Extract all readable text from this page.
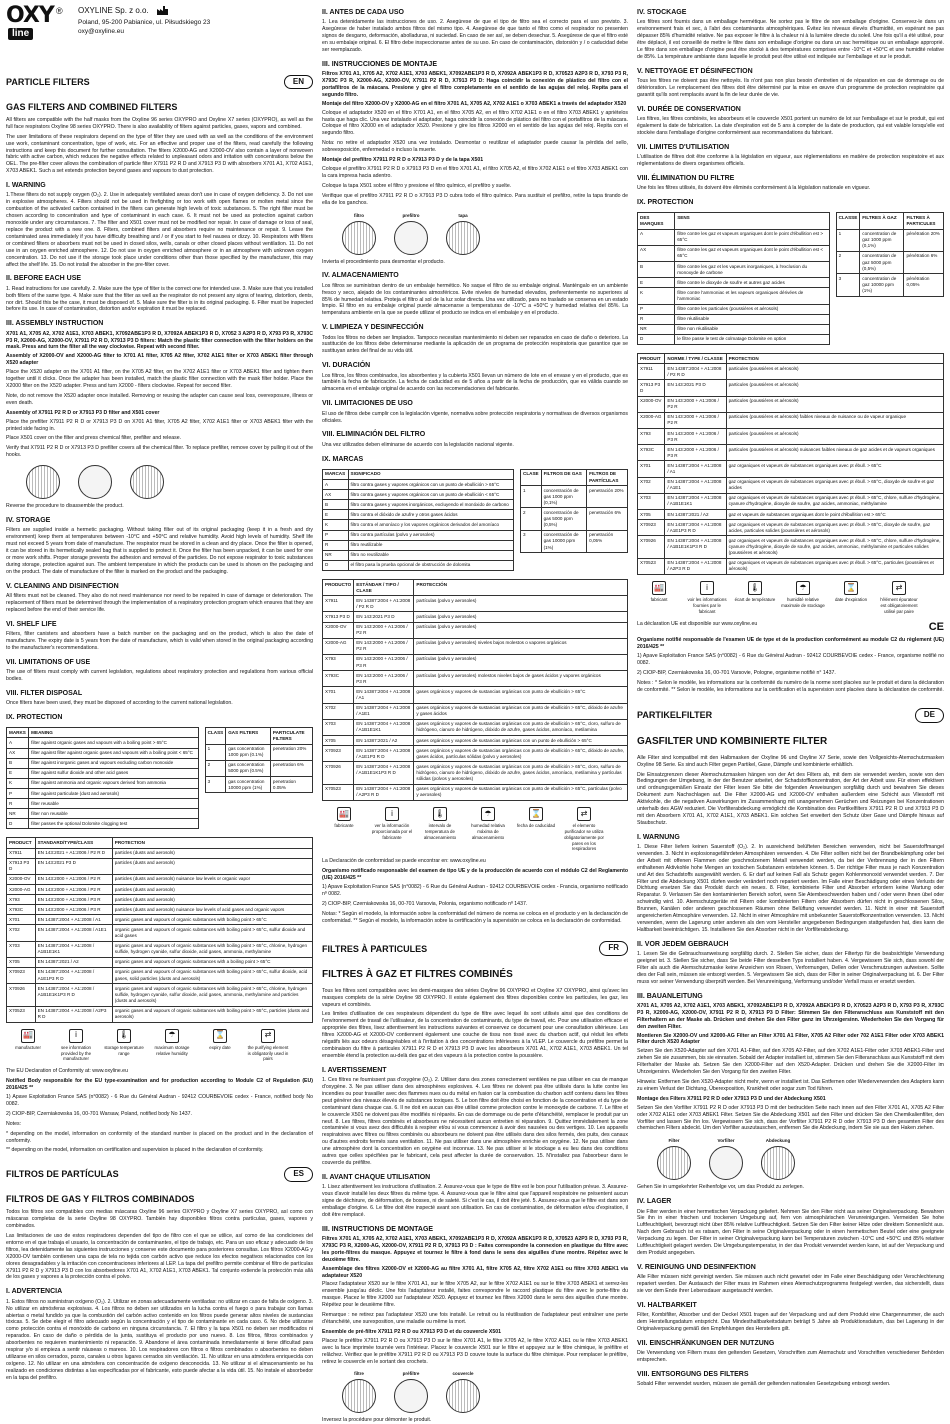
OXY
line
® OXYLINE Sp. z o.o.
Poland, 95-200 Pabianice, ul. Piłsudskiego 23
oxy@oxyline.eu
PARTICLE FILTERS	EN
GAS FILTERS AND COMBINED FILTERS
All filters are compatible with the half masks from the Oxyline 96 series OXYPRO and Oxyline X7 series (OXYPRO), as well as the full face respirators Oxyline 98 series OXYPRO. There is also availability of filters against particles, gases, vapors and combined.
The user limitations of these respirators depend on the type of filter they are used with as well as the conditions of the environment use work, contaminant concentration, type of work, etc. For an effective and proper use of the filters, read carefully the following instructions and keep this document for further consultation. The filters X2000-AG and X2000-OV also contain a layer of nonwoven fabric with active carbon, which reduces the negative effects related to unpleasant odors and irritation with concentrations below the OEL. The pre-filter cover allows the combination of particle filter X7911 P2 R D and X7913 P3 D with absorbers X701 A1, X702 A1E1, X703 ABEK1. Such a set extends protection beyond gases and vapours to dust protection.
I. WARNING
1.These filters do not supply oxygen (O₂). 2. Use in adequately ventilated areas don't use in case of oxygen deficiency. 3. Do not use in explosive atmospheres. 4. Filters should not be used in firefighting or too work with open flames or molten metal since the combustion of the activated carbon contained in the filters can generate high levels of toxic substances. 5. The right filter must be chosen according to concentration and type of contaminant in each case. 6. It must not be used as protection against carbon monoxide under any circumstances. 7. The filter and X501 cover must not be modified nor repair. In case of damage or loss of seal, replace the product with a new one. 8. Filters, combined filters and absorbers require no maintenance or repair. 9. Leave the contaminated area immediately if you have difficulty breathing and / or if you start to feel nausea or dizzy. 10. Respirators with filters or combined filters or absorbers must not be used in closed silos, wells, canals or other closed places without ventilation. 11. Do not use in an oxygen enriched atmosphere. 12. Do not use in oxygen enriched atmosphere or in an atmosphere with unknown oxygen concentration. 13. Do not use if the storage took place under conditions other than those specified by the manufacturer, this may affect the shelf life. 15. Do not install the absorber in the pre-filter cover.
II. BEFORE EACH USE
1. Read instructions for use carefully. 2. Make sure the type of filter is the correct one for intended use. 3. Make sure that you installed both filters of the same type. 4. Make sure that the filter as well as the respirator do not present any signs of tearing, distortion, dents, nor dirt. Should this be the case, it must be disposed of. 5. Make sure the filter is in its original packaging. 6. Filter must be inspected before its use. In case of contamination, distortion and/or expiration it must be replaced.
III. ASSEMBLY INSTRUCTION
X701 A1, X705 A2, X702 A1E1, X703 ABEK1, X7092ABE1P3 R D, X7092A ABEK1P3 R D, X7052 3 A2P3 R D, X793 P3 R, X793C P3 R, X2000-AG, X2000-OV, X7911 P2 R D, X7913 P3 D filters: Match the plastic filter connection with the filter holders on the mask. Press and turn the filter all the way clockwise. Repeat with second filter.
Assembly of X2000-OV and X2000-AG filter to X701 A1 filter, X705 A2 filter, X702 A1E1 filter or X703 ABEK1 filter through X520 adapter
Place the X520 adapter on the X701 A1 filter, on the X705 A2 filter, on the X702 A1E1 filter or X703 ABEK1 filter and tighten them together until it clicks. Once the adapter has been installed, match the plastic filter connection with the mask filter holder. Place the X2000 filter on the X520 adapter. Press and turn X2000 - filters clockwise. Repeat for second filter.
Note, do not remove the X520 adapter once installed. Removing or reusing the adapter can cause seal loss, overexposure, illness or even death.
Assembly of X7911 P2 R D or X7913 P3 D filter and X501 cover
Place the prefilter X7911 P2 R D or X7913 P3 D on X701 A1 filter, X705 A2 filter, X702 A1E1 filter or X703 ABEK1 filter with the printed side facing in.
Place X501 cover on the filter and press chemical filter, prefilter and release.
Verify that X7911 P2 R D or X7913 P3 D prefilter covers all the chemical filter. To replace prefilter, remove cover by pulling it out of the hooks.
Reverse the procedure to disassemble the product.
IV. STORAGE
Filters are supplied inside a hermetic packaging. Without taking filter out of its original packaging (keep it in a fresh and dry environment) keep them at temperatures between -10°C and +50°C and relative humidity. Avoid high levels of humidity. Shelf life must not exceed 5 years from date of manufacture. The respirator must be stored in a clean and dry place. Once the filter is opened, it can be stored in its hermetically sealed bag that is supplied to protect it. Once the filter has been unpacked, it can be used for one or more work shifts. Proper storage prevents the adhesion and removal of the particles. Do not expose respirator to toxic substances during storage, protection against sun. The ambient temperature in which the products can be used is shown on the packaging and on the product. The date of manufacture of the filter is marked on the product and the packaging.
V. CLEANING AND DISINFECTION
All filters must not be cleaned. They also do not need maintenance nor need to be repaired in case of damage or deterioration. The replacement of filters must be determined through the implementation of a respiratory protection program which ensures that they are replaced before the end of their service life.
VI. SHELF LIFE
Filters, filter canisters and absorbers have a batch number on the packaging and on the product, which is also the date of manufacture. The expiry date is 5 years from the date of manufacture, which is valid when stored in the original packaging according to the manufacturer's recommendations.
VII. LIMITATIONS OF USE
The use of filters must comply with current legislation, regulations about respiratory protection and regulations from various official bodies.
VIII. FILTER DISPOSAL
Once filters have been used, they must be disposed of according to the current national legislation.
IX. PROTECTION
MARKS	MEANING
A	filter against organic gases and vapours with a boiling point > 65°C
AX	filter against filter against organic gases and vapours with a boiling point < 65°C
B	filter against inorganic gases and vapours excluding carbon monoxide
E	filter against sulfur dioxide and other acid gases
K	filter against ammonia and organic vapours derived from ammonia
P	filter against particulate (dust and aerosols)
R	filter reusable
NR	filter non reusable
D	filter passes the optional Dolomite clogging test
CLASS	GAS FILTERS	PARTICULATE FILTERS
1	gas concentration 1000 ppm (0.1%)	penetration 20%
2	gas concentration 5000 ppm (0.5%)	penetration 6%
3	gas concentration 10000 ppm (1%)	penetration 0.05%
PRODUCT	STANDARD/TYPE/CLASS	PROTECTION
X7911	EN 143:2021 + A1:2006 / P2 R D	particles (dusts and aerosols)
X7913 P3 D	EN 143:2021 P3 D	particles (dusts and aerosols)
X2000-OV	EN 143:2000 + A1:2006 / P2 R	particles (dusts and aerosols) nuisance low levels or organic vapor
X2000-AG	EN 143:2000 + A1:2006 / P2 R	particles (dusts and aerosols)
X793	EN 143:2000 + A1:2006 / P3 R	particles (dusts and aerosols)
X793C	EN 143:2000 + A1:2006 / P3 R	particles (dusts and aerosols) nuisance low levels of acid gases and organic vapors
X701	EN 14387:2004 + A1:2008 / A1	organic gases and vapours of organic substances with boiling point > 65°C
X702	EN 14387:2004 + A1:2008 / A1E1	organic gases and vapours of organic substances with boiling point > 65°C, sulfur dioxide and acid gases
X703	EN 14387:2004 + A1:2008 / A1B1E1K1	organic gases and vapours of organic substances with boiling point > 65°C, chlorine, hydrogen sulfide, hydrogen cyanide, sulfur dioxide, acid gases, ammonia, methylamine
X705	EN 14387:2021 / A2	organic gases and vapours of organic substances with a boiling point > 65°C
X70923	EN 14387:2004 + A1:2008 / A1E1P3 R D	organic gases and vapours of organic substances with boiling point > 65°C, sulfur dioxide, acid gases, solid particles (dusts and aerosols)
X70926	EN 14387:2004 + A1:2008 / A1B1E1K1P3 R D	organic gases and vapours of organic substances with boiling point > 65°C, chlorine, hydrogen sulfide, hydrogen cyanide, sulfur dioxide, acid gases, ammonia, methylamine and particles (dusts and aerosols)
X70523	EN 14387:2004 + A1:2008 / A2P3 R D	organic gases and vapours of organic substances with boiling point > 65°C, particles (dusts and aerosols)
🏭
manufacturer
i
see information provided by the manufacturer
🌡
storage temperature range
☂
maximum storage relative humidity
⌛
expiry date
⇄
the purifying element is obligatorily used in pairs
The EU Declaration of Conformity at: www.oxyline.eu
Notified Body responsible for the EU type-examination and for production according to Module C2 of Regulation (EU) 2016/425 **
1) Apave Exploitation France SAS (n°0082) - 6 Rue du Général Audran - 92412 COURBEVOIE cedex - France, notified body No 0082.
2) CIOP-BIP, Czerniakowska 16, 00-701 Warsaw, Poland, notified body No 1437.
Notes:
* depending on the model, information on conformity of the standard number is placed on the product and in the declaration of conformity.
** depending on the model, information on certification and supervision is placed in the declaration of conformity.
FILTROS DE PARTÍCULAS	ES
FILTROS DE GAS Y FILTROS COMBINADOS
Todos los filtros son compatibles con medias máscaras Oxyline 96 series OXYPRO y Oxyline X7 series OXYPRO, así como con máscaras completas de la serie Oxyline 98 OXYPRO. También hay disponibles filtros contra partículas, gases, vapores y combinados.
Las limitaciones de uso de estos respiradores dependen del tipo de filtro con el que se utilice, así como de las condiciones del entorno en el que trabaja el usuario, la concentración de contaminantes, el tipo de trabajo, etc. Para un uso eficaz y adecuado de los filtros, lea detenidamente las siguientes instrucciones y conserve este documento para posteriores consultas. Los filtros X2000-AG y X2000-OV también contienen una capa de tela no tejida con carbón activo que reduce los efectos negativos relacionados con los olores desagradables y la irritación con concentraciones inferiores al LEP. La tapa del prefiltro permite combinar el filtro de partículas X7911 P2 R D y X7913 P3 D con los absorbedores X701 A1, X702 A1E1, X703 ABEK1. Tal conjunto extiende la protección más allá de los gases y vapores a la protección contra el polvo.
I. ADVERTENCIA
1. Estos filtros no suministran oxígeno (O₂). 2. Utilizar en zonas adecuadamente ventiladas: no utilizar en caso de falta de oxígeno. 3. No utilizar en atmósferas explosivas. 4. Los filtros no deben ser utilizados en la lucha contra el fuego o para trabajar con llamas abiertas o metal fundido ya que la combustión del carbón activo contenido en los filtros puede generar altos niveles de sustancias tóxicas. 5. Se debe elegir el filtro adecuado según la concentración y el tipo de contaminante en cada caso. 6. No debe utilizarse como protección contra el monóxido de carbono en ninguna circunstancia. 7. El filtro y la tapa X501 no deben ser modificados ni reparados. En caso de daño o pérdida de la junta, sustituya el producto por uno nuevo. 8. Los filtros, filtros combinados y absorbentes no requieren mantenimiento ni reparación. 9. Abandone el área contaminada inmediatamente si tiene dificultad para respirar y/o si empieza a sentir náuseas o mareos. 10. Los respiradores con filtros o filtros combinados o absorbentes no deben utilizarse en silos cerrados, pozos, canales u otros lugares cerrados sin ventilación. 11. No utilizar en una atmósfera enriquecida con oxígeno. 12. No utilizar en una atmósfera con concentración de oxígeno desconocida. 13. No utilizar si el almacenamiento se ha realizado en condiciones distintas a las especificadas por el fabricante, esto puede afectar a la vida útil. 15. No instale el absorbedor en la tapa del prefiltro.
II. ANTES DE CADA USO
1. Lea detenidamente las instrucciones de uso. 2. Asegúrese de que el tipo de filtro sea el correcto para el uso previsto. 3. Asegúrese de haber instalado ambos filtros del mismo tipo. 4. Asegúrese de que tanto el filtro como el respirador no presenten signos de desgarro, deformación, abolladuras, ni suciedad. En caso de ser así, se deben desechar. 5. Asegúrese de que el filtro esté en su embalaje original. 6. El filtro debe inspeccionarse antes de su uso. En caso de contaminación, distorsión y / o caducidad debe ser reemplazado.
III. INSTRUCCIONES DE MONTAJE
Filtros X701 A1, X705 A2, X702 A1E1, X703 ABEK1, X7092ABE1P3 R D, X7092A ABEK1P3 R D, X70523 A2P3 R D, X793 P3 R, X793C P3 R, X2000-AG, X2000-OV, X7911 P2 R D, X7913 P3 D: Haga coincidir la conexión de plástico del filtro con el portafiltros de la máscara. Presione y gire el filtro completamente en el sentido de las agujas del reloj. Repita para el segundo filtro.
Montaje del filtro X2000-OV y X2000-AG en el filtro X701 A1, X705 A2, X702 A1E1 o X703 ABEK1 a través del adaptador X520
Coloque el adaptador X520 en el filtro X701 A1, en el filtro X705 A2, en el filtro X702 A1E1 o en el filtro X703 ABEK1 y apriételos hasta que haga clic. Una vez instalado el adaptador, haga coincidir la conexión de plástico del filtro con el portafiltros de la máscara. Coloque el filtro X2000 en el adaptador X520. Presione y gire los filtros X2000 en el sentido de las agujas del reloj. Repita con el segundo filtro.
Nota: no retire el adaptador X520 una vez instalado. Desmontar o reutilizar el adaptador puede causar la pérdida del sello, sobreexposición, enfermedad o incluso la muerte.
Montaje del prefiltro X7911 P2 R D o X7913 P3 D y de la tapa X501
Coloque el prefiltro X7911 P2 R D o X7913 P3 D en el filtro X701 A1, el filtro X705 A2, el filtro X702 A1E1 o el filtro X703 ABEK1 con la cara impresa hacia adentro.
Coloque la tapa X501 sobre el filtro y presione el filtro químico, el prefiltro y suelte.
Verifique que el prefiltro X7911 P2 R D o X7913 P3 D cubra todo el filtro químico. Para sustituir el prefiltro, retire la tapa tirando de ella de los ganchos.
filtro	prefiltro	tapa
Invierta el procedimiento para desmontar el producto.
IV. ALMACENAMIENTO
Los filtros se suministran dentro de un embalaje hermético. No saque el filtro de su embalaje original. Manténgalo en un ambiente fresco y seco, alejado de los contaminantes atmosféricos. Evite niveles de humedad elevados, preferentemente no superiores al 85% de humedad relativa. Proteja el filtro al sol de la luz solar directa. Una vez utilizado, para no traslado se conserva en un estado limpio. El filtro en su embalaje original puede almacenarse a temperaturas de -10°C a +50°C y humedad relativa del 85%. La temperatura ambiente en la que se puede utilizar el producto se indica en el embalaje y en el producto.
V. LIMPIEZA Y DESINFECCIÓN
Todos los filtros no deben ser limpiados. Tampoco necesitan mantenimiento ni deben ser reparados en caso de daño o deterioro. La sustitución de los filtros debe determinarse mediante la aplicación de un programa de protección respiratoria que garantice que se sustituyan antes del final de su vida útil.
VI. DURACIÓN
Los filtros, los filtros combinados, los absorbentes y la cubierta X501 llevan un número de lote en el envase y en el producto, que es también la fecha de fabricación. La fecha de caducidad es de 5 años a partir de la fecha de producción, que es válida cuando se almacena en el embalaje original de acuerdo con las recomendaciones del fabricante.
VII. LIMITACIONES DE USO
El uso de filtros debe cumplir con la legislación vigente, normativa sobre protección respiratoria y normativas de diversos organismos oficiales.
VIII. ELIMINACIÓN DEL FILTRO
Una vez utilizados deben eliminarse de acuerdo con la legislación nacional vigente.
IX. MARCAS
MARCAS	SIGNIFICADO
A	filtro contra gases y vapores orgánicos con un punto de ebullición > 65°C
AX	filtro contra gases y vapores orgánicos con un punto de ebullición < 65°C
B	filtro contra gases y vapores inorgánicos, excluyendo el monóxido de carbono
E	filtro contra el dióxido de azufre y otros gases ácidos
K	filtro contra el amoníaco y los vapores orgánicos derivados del amoníaco
P	filtro contra partículas (polvo y aerosoles)
R	filtro reutilizable
NR	filtro no reutilizable
D	el filtro pasa la prueba opcional de obstrucción de dolomita
CLASE	FILTROS DE GAS	FILTROS DE PARTÍCULAS
1	concentración de gas 1000 ppm (0,1%)	penetración 20%
2	concentración de gas 5000 ppm (0,5%)	penetración 6%
3	concentración de gas 10000 ppm (1%)	penetración 0,05%
PRODUCTO	ESTÁNDAR / TIPO / CLASE	PROTECCIÓN
X7911	EN 14387:2004 + A1:2008 / P2 R D	partículas (polvo y aerosoles)
X7913 P3 D	EN 143:2021 P3 D	partículas (polvo y aerosoles)
X2000-OV	EN 143:2000 + A1:2006 / P2 R	partículas (polvo y aerosoles)
X2000-AG	EN 143:2000 + A1:2006 / P2 R	partículas (polvo y aerosoles) niveles bajos molestos o vapores orgánicos
X793	EN 143:2000 + A1:2006 / P3 R	partículas (polvo y aerosoles)
X793C	EN 143:2000 + A1:2006 / P3 R	partículas (polvo y aerosoles) molestos niveles bajos de gases ácidos y vapores orgánicos
X701	EN 14387:2004 + A1:2008 / A1	gases orgánicos y vapores de sustancias orgánicas con punto de ebullición > 65°C
X702	EN 14387:2004 + A1:2008 / A1E1	gases orgánicos y vapores de sustancias orgánicas con punto de ebullición > 65°C, dióxido de azufre y gases ácidos
X703	EN 14387:2004 + A1:2008 / A1B1E1K1	gases orgánicos y vapores de sustancias orgánicas con punto de ebullición > 65°C, cloro, sulfuro de hidrógeno, cianuro de hidrógeno, dióxido de azufre, gases ácidos, amoníaco, metilamina
X705	EN 14387:2021 / A2	gases orgánicos y vapores de sustancias orgánicas con un punto de ebullición > 65°C
X70923	EN 14387:2004 + A1:2008 / A1E1P3 R D	gases orgánicos y vapores de sustancias orgánicas con punto de ebullición > 65°C, dióxido de azufre, gases ácidos, partículas sólidas (polvo y aerosoles)
X70926	EN 14387:2004 + A1:2008 / A1B1E1K1P3 R D	gases orgánicos y vapores de sustancias orgánicas con punto de ebullición > 65°C, cloro, sulfuro de hidrógeno, cianuro de hidrógeno, dióxido de azufre, gases ácidos, amoníaco, metilamina y partículas sólidas (polvos y aerosoles)
X70523	EN 14387:2004 + A1:2008 / A2P3 R D	gases orgánicos y vapores de sustancias orgánicas con punto de ebullición > 65°C, partículas (polvo y aerosoles)
🏭
fabricante
i
ver la información proporcionada por el fabricante
🌡
intervalo de temperatura de almacenamiento
☂
humedad relativa máxima de almacenamiento
⌛
fecha de caducidad
⇄
el elemento purificador se utiliza obligatoriamente por pares en los respiradores
La Declaración de conformidad se puede encontrar en: www.oxyline.eu
Organismo notificado responsable del examen de tipo UE y de la producción de acuerdo con el módulo C2 del Reglamento (UE) 2016/425 **
1) Apave Exploitation France SAS (n°0082) - 6 Rue du Général Audran - 92412 COURBEVOIE cedex - Francia, organismo notificado nº 0082.
2) CIOP-BIP, Czerniakowska 16, 00-701 Varsovia, Polonia, organismo notificado nº 1437.
Notas: * Según el modelo, la información sobre la conformidad del número de norma se coloca en el producto y en la declaración de conformidad. ** Según el modelo, la información sobre la certificación y la supervisión se coloca en la declaración de conformidad.
FILTRES À PARTICULES	FR
FILTRES À GAZ ET FILTRES COMBINÉS
Tous les filtres sont compatibles avec les demi-masques des séries Oxyline 96 OXYPRO et Oxyline X7 OXYPRO, ainsi qu'avec les masques complets de la série Oxyline 98 OXYPRO. Il existe également des filtres disponibles contre les particules, les gaz, les vapeurs et combinés.
Les limites d'utilisation de ces respirateurs dépendent du type de filtre avec lequel ils sont utilisés ainsi que des conditions de l'environnement de travail de l'utilisateur, de la concentration de contaminants, du type de travail, etc. Pour une utilisation efficace et appropriée des filtres, lisez attentivement les instructions suivantes et conservez ce document pour une consultation ultérieure. Les filtres X2000-AG et X2000-OV contiennent également une couche de tissu non tissé avec du charbon actif, qui réduit les effets négatifs liés aux odeurs désagréables et à l'irritation à des concentrations inférieures à la VLEP. Le couvercle du préfiltre permet la combinaison du filtre à particules X7911 P2 R D et X7913 P3 D avec les absorbeurs X701 A1, X702 A1E1, X703 ABEK1. Un tel ensemble étend la protection au-delà des gaz et des vapeurs à la protection contre la poussière.
I. AVERTISSEMENT
1. Ces filtres ne fournissent pas d'oxygène (O₂). 2. Utiliser dans des zones correctement ventilées ne pas utiliser en cas de manque d'oxygène. 3. Ne pas utiliser dans des atmosphères explosives. 4. Les filtres ne doivent pas être utilisés dans la lutte contre les incendies ou pour travailler avec des flammes nues ou du métal en fusion car la combustion du charbon actif contenu dans les filtres peut générer des niveaux élevés de substances toxiques. 5. Le bon filtre doit être choisi en fonction de la concentration et du type de contaminant dans chaque cas. 6. Il ne doit en aucun cas être utilisé comme protection contre le monoxyde de carbone. 7. Le filtre et le couvercle X501 ne doivent pas être modifiés ni réparés. En cas de dommage ou de perte d'étanchéité, remplacer le produit par un neuf. 8. Les filtres, filtres combinés et absorbeurs ne nécessitent aucun entretien ni réparation. 9. Quittez immédiatement la zone contaminée si vous avez des difficultés à respirer et/ou si vous commencez à avoir des nausées ou des vertiges. 10. Les appareils respiratoires avec filtres ou filtres combinés ou absorbeurs ne doivent pas être utilisés dans des silos fermés, des puits, des canaux ou d'autres endroits fermés sans ventilation. 11. Ne pas utiliser dans une atmosphère enrichie en oxygène. 12. Ne pas utiliser dans une atmosphère dont la concentration en oxygène est inconnue. 13. Ne pas utiliser si le stockage a eu lieu dans des conditions autres que celles spécifiées par le fabricant, cela peut affecter la durée de conservation. 15. N'installez pas l'absorbeur dans le couvercle du préfiltre.
II. AVANT CHAQUE UTILISATION
1. Lisez attentivement les instructions d'utilisation. 2. Assurez-vous que le type de filtre est le bon pour l'utilisation prévue. 3. Assurez-vous d'avoir installé les deux filtres du même type. 4. Assurez-vous que le filtre ainsi que l'appareil respiratoire ne présentent aucun signe de déchirure, de déformation, de bosses, ni de saleté. Si c'est le cas, il doit être jeté. 5. Assurez-vous que le filtre est dans son emballage d'origine. 6. Le filtre doit être inspecté avant son utilisation. En cas de contamination, de déformation et/ou d'expiration, il doit être remplacé.
III. INSTRUCTIONS DE MONTAGE
Filtres X701 A1, X705 A2, X702 A1E1, X703 ABEK1, X7092ABE1P3 R D, X7092A ABEK1P3 R D, X70523 A2P3 R D, X793 P3 R, X793C P3 R, X2000-AG, X2000-OV, X7911 P2 R D, X7913 P3 D : Faites correspondre la connexion en plastique du filtre avec les porte-filtres du masque. Appuyez et tournez le filtre à fond dans le sens des aiguilles d'une montre. Répétez avec le deuxième filtre.
Assemblage des filtres X2000-OV et X2000-AG au filtre X701 A1, filtre X705 A2, filtre X702 A1E1 ou filtre X703 ABEK1 via adaptateur X520
Placez l'adaptateur X520 sur le filtre X701 A1, sur le filtre X705 A2, sur le filtre X702 A1E1 ou sur le filtre X703 ABEK1 et serrez-les ensemble jusqu'au déclic. Une fois l'adaptateur installé, faites correspondre le raccord plastique du filtre avec le porte-filtre du masque. Placez le filtre X2000 sur l'adaptateur X520. Appuyez et tournez les filtres X2000 dans le sens des aiguilles d'une montre. Répétez pour le deuxième filtre.
Remarque : ne retirez pas l'adaptateur X520 une fois installé. Le retrait ou la réutilisation de l'adaptateur peut entraîner une perte d'étanchéité, une surexposition, une maladie ou même la mort.
Ensemble de pré-filtre X7911 P2 R D ou X7913 P3 D et du couvercle X501
Placez le préfiltre X7911 P2 R D ou X7913 P3 D sur le filtre X701 A1, le filtre X705 A2, le filtre X702 A1E1 ou le filtre X703 ABEK1 avec la face imprimée tournée vers l'intérieur. Placez le couvercle X501 sur le filtre et appuyez sur le filtre chimique, le préfiltre et relâchez. Vérifiez que le préfiltre X7911 P2 R D ou X7913 P3 D couvre toute la surface du filtre chimique. Pour remplacer le préfiltre, retirez le couvercle en le sortant des crochets.
filtre	préfiltre	couvercle
Inversez la procédure pour démonter le produit.
IV. STOCKAGE
Les filtres sont fournis dans un emballage hermétique. Ne sortez pas le filtre de son emballage d'origine. Conservez-le dans un environnement frais et sec, à l'abri des contaminants atmosphériques. Évitez les niveaux élevés d'humidité, en espérant ne pas dépasser 85% d'humidité relative. Ne pas exposer le filtre à la chaleur ni à la lumière directe du soleil. Une fois qu'il a été utilisé, pour être déplacé, il est conseillé de mettre le filtre dans son emballage d'origine ou dans un sac hermétique ou un emballage approprié. Le filtre dans son emballage d'origine peut être stocké à des températures comprises entre -10°C et +50°C et une humidité relative de 85%. La température ambiante dans laquelle le produit peut être utilisé est indiquée sur l'emballage et sur le produit.
V. NETTOYAGE ET DÉSINFECTION
Tous les filtres ne doivent pas être nettoyés. Ils n'ont pas non plus besoin d'entretien ni de réparation en cas de dommage ou de détérioration. Le remplacement des filtres doit être déterminé par la mise en œuvre d'un programme de protection respiratoire qui garantit qu'ils sont remplacés avant la fin de leur durée de vie.
VI. DURÉE DE CONSERVATION
Les filtres, les filtres combinés, les absorbeurs et le couvercle X501 portent un numéro de lot sur l'emballage et sur le produit, qui est également la date de fabrication. La date d'expiration est de 5 ans à compter de la date de production, qui est valable lorsqu'elle est stockée dans l'emballage d'origine conformément aux recommandations du fabricant.
VII. LIMITES D'UTILISATION
L'utilisation de filtres doit être conforme à la législation en vigueur, aux réglementations en matière de protection respiratoire et aux réglementations de divers organismes officiels.
VIII. ÉLIMINATION DU FILTRE
Une fois les filtres utilisés, ils doivent être éliminés conformément à la législation nationale en vigueur.
IX. PROTECTION
DES MARQUES	SENS
A	filtre contre les gaz et vapeurs organiques dont le point d'ébullition est > 65°C
AX	filtre contre les gaz et vapeurs organiques dont le point d'ébullition est < 65°C
B	filtre contre les gaz et les vapeurs inorganiques, à l'exclusion du monoxyde de carbone
E	filtre contre le dioxyde de soufre et autres gaz acides
K	filtre contre l'ammoniac et les vapeurs organiques dérivées de l'ammoniac
P	filtre contre les particules (poussières et aérosols)
R	filtre réutilisable
NR	filtre non réutilisable
D	le filtre passe le test de colmatage Dolomite en option
CLASSE	FILTRES À GAZ	FILTRES À PARTICULES
1	concentration de gaz 1000 ppm (0,1%)	pénétration 20%
2	concentration de gaz 5000 ppm (0,5%)	pénétration 6%
3	concentration de gaz 10000 ppm (1%)	pénétration 0,05%
PRODUIT	NORME / TYPE / CLASSE	PROTECTION
X7911	EN 14387:2004 + A1:2008 / P2 R D	particules (poussières et aérosols)
X7913 P3 D	EN 143:2021 P3 D	particules (poussières et aérosols)
X2000-OV	EN 143:2000 + A1:2006 / P2 R	particules (poussières et aérosols)
X2000-AG	EN 143:2000 + A1:2006 / P2 R	particules (poussières et aérosols) faibles niveaux de nuisance ou de vapeur organique
X793	EN 143:2000 + A1:2006 / P3 R	particules (poussières et aérosols)
X793C	EN 143:2000 + A1:2006 / P3 R	particules (poussières et aérosols) nuisances faibles niveaux de gaz acides et de vapeurs organiques
X701	EN 14387:2004 + A1:2008 / A1	gaz organiques et vapeurs de substances organiques avec pt ébull. > 65°C
X702	EN 14387:2004 + A1:2008 / A1E1	gaz organiques et vapeurs de substances organiques avec pt ébull. > 65°C, dioxyde de soufre et gaz acides
X703	EN 14387:2004 + A1:2008 / A1B1E1K1	gaz organiques et vapeurs de substances organiques avec pt ébull. > 65°C, chlore, sulfure d'hydrogène, cyanure d'hydrogène, dioxyde de soufre, gaz acides, ammoniac, méthylamine
X705	EN 14387:2021 / A2	gaz et vapeurs de substances organiques dont le point d'ébullition est > 65°C
X70923	EN 14387:2004 + A1:2008 / A1E1P3 R D	gaz organiques et vapeurs de substances organiques avec pt ébull. > 65°C, dioxyde de soufre, gaz acides, particules solides (poussières et aérosols)
X70926	EN 14387:2004 + A1:2008 / A1B1E1K1P3 R D	gaz organiques et vapeurs de substances organiques avec pt ébull. > 65°C, chlore, sulfure d'hydrogène, cyanure d'hydrogène, dioxyde de soufre, gaz acides, ammoniac, méthylamine et particules solides (poussières et aérosols)
X70523	EN 14387:2004 + A1:2008 / A2P3 R D	gaz organiques et vapeurs de substances organiques avec pt ébull. > 65°C, particules (poussières et aérosols)
🏭
fabricant
i
voir les informations fournies par le fabricant
🌡
écart de température
☂
humidité relative maximale de stockage
⌛
date d'expiration
⇄
l'élément épurateur est obligatoirement utilisé par paire
La déclaration UE est disponible sur www.oxyline.eu	CE
Organisme notifié responsable de l'examen UE de type et de la production conformément au module C2 du règlement (UE) 2016/425 **
1) Apave Exploitation France SAS (n°0082) - 6 Rue du Général Audran - 92412 COURBEVOIE cedex - France, organisme notifié no 0082.
2) CIOP-BIP, Czerniakowska 16, 00-701 Varsovie, Pologne, organisme notifié n° 1437.
Notes : * Selon le modèle, les informations sur la conformité du numéro de la norme sont placées sur le produit et dans la déclaration de conformité. ** Selon le modèle, les informations sur la certification et la supervision sont placées dans la déclaration de conformité.
PARTIKELFILTER	DE
GASFILTER UND KOMBINIERTE FILTER
Alle Filter sind kompatibel mit den Halbmasken der Oxyline 96 und Oxyline X7 Serie, sowie den Vollgesichts-Atemschutzmasken Oxyline 98 Serie. Es sind auch Filter gegen Partikel, Gase, Dämpfe und kombinierte erhältlich.
Die Einsatzgrenzen dieser Atemschutzmasken hängen von der Art des Filters ab, mit dem sie verwendet werden, sowie von den Bedingungen der Umgebung, in der der Benutzer arbeitet, der Schadstoffkonzentration, der Art der Arbeit usw. Für einen effektiven und ordnungsgemäßen Einsatz der Filter lesen Sie bitte die folgenden Anweisungen sorgfältig durch und bewahren Sie dieses Dokument zum Nachschlagen auf. Die Filter X2000-AG und X2000-OV enthalten außerdem eine Schicht aus Vliesstoff mit Aktivkohle, die die negativen Auswirkungen im Zusammenhang mit unangenehmen Gerüchen und Reizungen bei Konzentrationen unterhalb des AGW reduziert. Die Vorfilterabdeckung ermöglicht die Kombination des Partikelfilters X7911 P2 R D und X7913 P3 D mit den Absorbern X701 A1, X702 A1E1, X703 ABEK1. Ein solches Set erweitert den Schutz über Gase und Dämpfe hinaus auf Staubschutz.
I. WARNUNG
1. Diese Filter liefern keinen Sauerstoff (O₂). 2. In ausreichend belüfteten Bereichen verwenden, nicht bei Sauerstoffmangel verwenden. 3. Nicht in explosionsgefährdeten Atmosphären verwenden. 4. Die Filter sollten nicht bei der Brandbekämpfung oder bei der Arbeit mit offenen Flammen oder geschmolzenem Metall verwendet werden, da bei der Verbrennung der in den Filtern enthaltenen Aktivkohle hohe Mengen an toxischen Substanzen entstehen können. 5. Der richtige Filter muss je nach Konzentration und Art des Schadstoffs ausgewählt werden. 6. Er darf auf keinen Fall als Schutz gegen Kohlenmonoxid verwendet werden. 7. Der Filter und die Abdeckung X501 dürfen weder verändert noch repariert werden. Im Falle einer Beschädigung oder eines Verlusts der Dichtung ersetzen Sie das Produkt durch ein neues. 8. Filter, kombinierte Filter und Absorber erfordern keine Wartung oder Reparatur. 9. Verlassen Sie den kontaminierten Bereich sofort, wenn Sie Atembeschwerden haben und / oder wenn Ihnen übel oder schwindlig wird. 10. Atemschutzgeräte mit Filtern oder kombinierten Filtern oder Absorbern dürfen nicht in geschlossenen Silos, Brunnen, Kanälen oder anderen geschlossenen Räumen ohne Belüftung verwendet werden. 11. Nicht in einer mit Sauerstoff angereicherten Atmosphäre verwenden. 12. Nicht in einer Atmosphäre mit unbekannter Sauerstoffkonzentration verwenden. 13. Nicht verwenden, wenn die Lagerung unter anderen als den vom Hersteller angegebenen Bedingungen stattgefunden hat, dies kann die Haltbarkeit beeinträchtigen. 15. Installieren Sie den Absorber nicht in der Vorfilterabdeckung.
II. VOR JEDEM GEBRAUCH
1. Lesen Sie die Gebrauchsanweisung sorgfältig durch. 2. Stellen Sie sicher, dass der Filtertyp für die beabsichtigte Verwendung geeignet ist. 3. Stellen Sie sicher, dass Sie beide Filter desselben Typs installiert haben. 4. Vergewissern Sie sich, dass sowohl der Filter als auch die Atemschutzmaske keine Anzeichen von Rissen, Verformungen, Dellen oder Verschmutzungen aufweisen. Sollte dies der Fall sein, müssen sie entsorgt werden. 5. Vergewissern Sie sich, dass der Filter in seiner Originalverpackung ist. 6. Der Filter muss vor seiner Verwendung überprüft werden. Bei Verunreinigung, Verformung und/oder Verfall muss er ersetzt werden.
III. BAUANLEITUNG
X701 A1, X705 A2, X702 A1E1, X703 ABEK1, X7092ABE1P3 R D, X7092A ABEK1P3 R D, X70523 A2P3 R D, X793 P3 R, X793C P3 R, X2000-AG, X2000-OV, X7911 P2 R D, X7913 P3 D Filter: Stimmen Sie den Filteranschluss aus Kunststoff mit den Filterhaltern an der Maske ab. Drücken und drehen Sie den Filter ganz im Uhrzeigersinn. Wiederholen Sie den Vorgang für den zweiten Filter.
Montieren Sie X2000-OV und X2000-AG Filter an Filter X701 A1 Filter, X705 A2 Filter oder 702 A1E1 Filter oder X703 ABEK1 Filter durch X520 Adapter
Setzen Sie den X520-Adapter auf den X701 A1-Filter, auf den X705 A2-Filter, auf den X702 A1E1-Filter oder X703 ABEK1-Filter und ziehen Sie sie zusammen, bis sie einrasten. Sobald der Adapter installiert ist, stimmen Sie den Filteranschluss aus Kunststoff mit dem Filterhalter der Maske ab. Setzen Sie den X2000-Filter auf den X520-Adapter. Drücken und drehen Sie die X2000-Filter im Uhrzeigersinn. Wiederholen Sie den Vorgang für den zweiten Filter.
Hinweis: Entfernen Sie den X520-Adapter nicht mehr, wenn er installiert ist. Das Entfernen oder Wiederverwenden des Adapters kann zu einem Verlust der Dichtung, Überexposition, Krankheit oder sogar zum Tod führen.
Montage des Filters X7911 P2 R D oder X7913 P3 D und der Abdeckung X501
Setzen Sie den Vorfilter X7911 P2 R D oder X7913 P3 D mit der bedruckten Seite nach innen auf den Filter X701 A1, X705 A2 Filter oder X702 A1E1 oder X703 ABEK1 Filter. Setzen Sie die Abdeckung X501 auf den Filter und drücken Sie den Chemikalienfilter, den Vorfilter und lassen Sie ihn los. Vergewissern Sie sich, dass der Vorfilter X7911 P2 R D oder X7913 P3 D den gesamten Filter des chemischen Filters abdeckt. Um den Vorfilter auszutauschen, entfernen Sie die Abdeckung, indem Sie sie aus den Haken ziehen.
Filter	Vorfilter	Abdeckung
Gehen Sie in umgekehrter Reihenfolge vor, um das Produkt zu zerlegen.
IV. LAGER
Die Filter werden in einer hermetischen Verpackung geliefert. Nehmen Sie den Filter nicht aus seiner Originalverpackung. Bewahren Sie ihn in einer frischen und trockenen Umgebung auf, fern von atmosphärischen Verunreinigungen. Vermeiden Sie hohe Luftfeuchtigkeit, bevorzugt nicht über 85% relative Luftfeuchtigkeit. Setzen Sie den Filter keiner Hitze oder direktem Sonnenlicht aus. Nach dem Gebrauch ist es ratsam, den Filter in seine Originalverpackung oder in einen hermetischen Beutel oder eine geeignete Verpackung zu legen. Der Filter in seiner Originalverpackung kann bei Temperaturen zwischen -10°C und +50°C und 85% relativer Luftfeuchtigkeit gelagert werden. Die Umgebungstemperatur, in der das Produkt verwendet werden kann, ist auf der Verpackung und dem Produkt angegeben.
V. REINIGUNG UND DESINFEKTION
Alle Filter müssen nicht gereinigt werden. Sie müssen auch nicht gewartet oder im Falle einer Beschädigung oder Verschlechterung repariert werden. Der Austausch der Filter muss im Rahmen eines Atemschutzprogramms festgelegt werden, das sicherstellt, dass sie vor dem Ende ihrer Lebensdauer ausgetauscht werden.
VI. HALTBARKEIT
Filter, Kombifilter, Absorber und der Deckel X501 tragen auf der Verpackung und auf dem Produkt eine Chargennummer, die auch dem Herstellungsdatum entspricht. Das Mindesthaltbarkeitsdatum beträgt 5 Jahre ab Produktionsdatum, das bei Lagerung in der Originalverpackung gemäß den Empfehlungen des Herstellers gilt.
VII. EINSCHRÄNKUNGEN DER NUTZUNG
Die Verwendung von Filtern muss den geltenden Gesetzen, Vorschriften zum Atemschutz und Vorschriften verschiedener Behörden entsprechen.
VIII. ENTSORGUNG DES FILTERS
Sobald Filter verwendet wurden, müssen sie gemäß der geltenden nationalen Gesetzgebung entsorgt werden.
